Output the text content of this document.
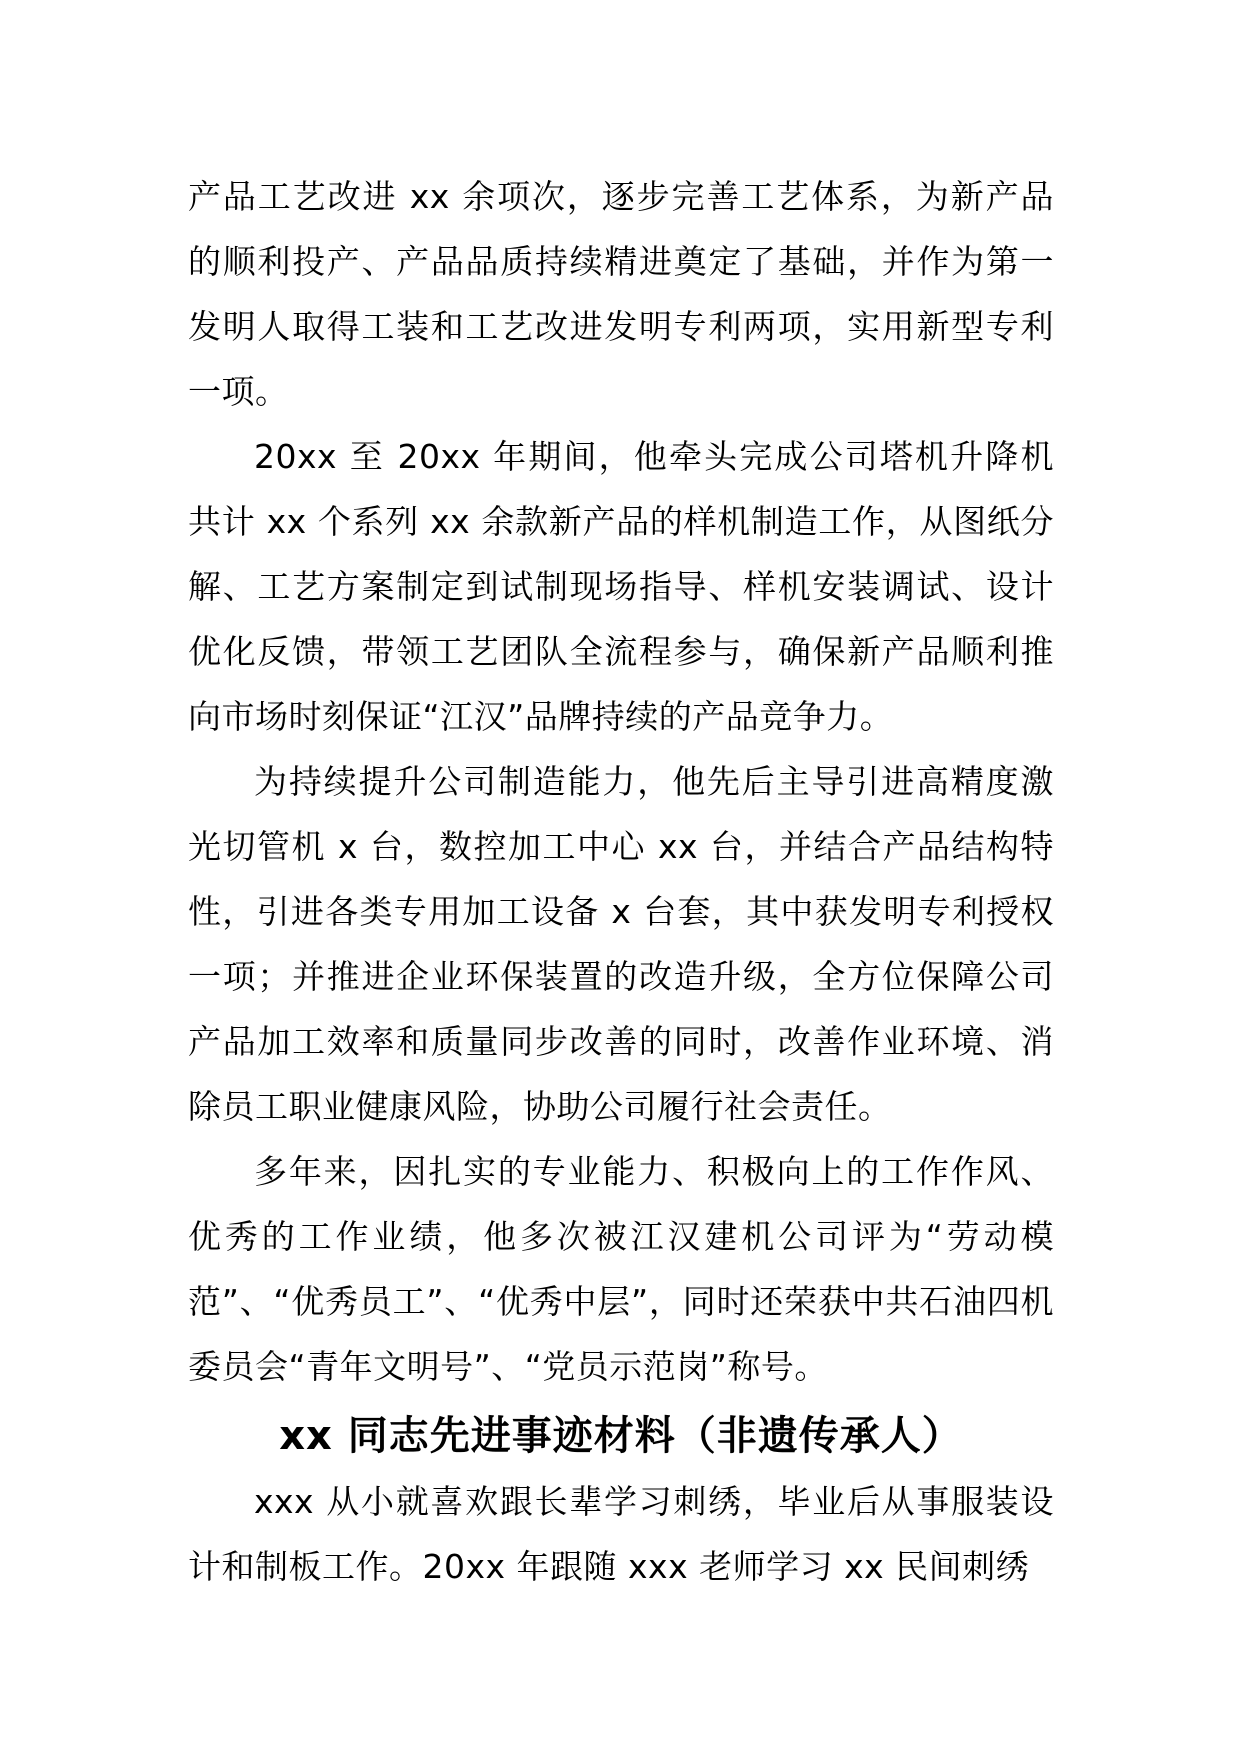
产品工艺改进 xx 余项次，逐步完善工艺体系，为新产品的顺利投产、产品品质持续精进奠定了基础，并作为第一发明人取得工装和工艺改进发明专利两项，实用新型专利一项。

20xx 至 20xx 年期间，他牵头完成公司塔机升降机共计 xx 个系列 xx 余款新产品的样机制造工作，从图纸分解、工艺方案制定到试制现场指导、样机安装调试、设计优化反馈，带领工艺团队全流程参与，确保新产品顺利推向市场时刻保证“江汉”品牌持续的产品竞争力。

为持续提升公司制造能力，他先后主导引进高精度激光切管机 x 台，数控加工中心 xx 台，并结合产品结构特性，引进各类专用加工设备 x 台套，其中获发明专利授权一项；并推进企业环保装置的改造升级，全方位保障公司产品加工效率和质量同步改善的同时，改善作业环境、消除员工职业健康风险，协助公司履行社会责任。

多年来，因扎实的专业能力、积极向上的工作作风、优秀的工作业绩，他多次被江汉建机公司评为“劳动模范”、“优秀员工”、“优秀中层”，同时还荣获中共石油四机委员会“青年文明号”、“党员示范岗”称号。

xx 同志先进事迹材料（非遗传承人）

xxx 从小就喜欢跟长辈学习刺绣，毕业后从事服装设计和制板工作。20xx 年跟随 xxx 老师学习 xx 民间刺绣
